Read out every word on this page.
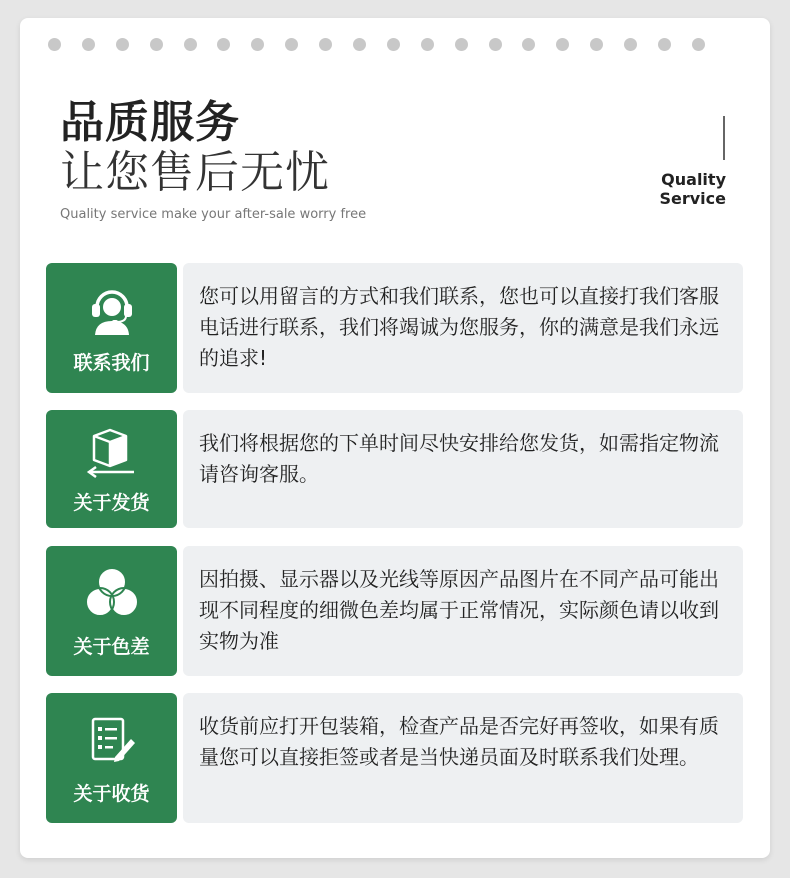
品质服务
让您售后无忧
Quality service make your after-sale worry free
Quality
Service
联系我们
您可以用留言的方式和我们联系，您也可以直接打我们客服电话进行联系，我们将竭诚为您服务，你的满意是我们永远的追求!
关于发货
我们将根据您的下单时间尽快安排给您发货，如需指定物流请咨询客服。
关于色差
因拍摄、显示器以及光线等原因产品图片在不同产品可能出现不同程度的细微色差均属于正常情况，实际颜色请以收到实物为准
关于收货
收货前应打开包装箱，检查产品是否完好再签收，如果有质量您可以直接拒签或者是当快递员面及时联系我们处理。
